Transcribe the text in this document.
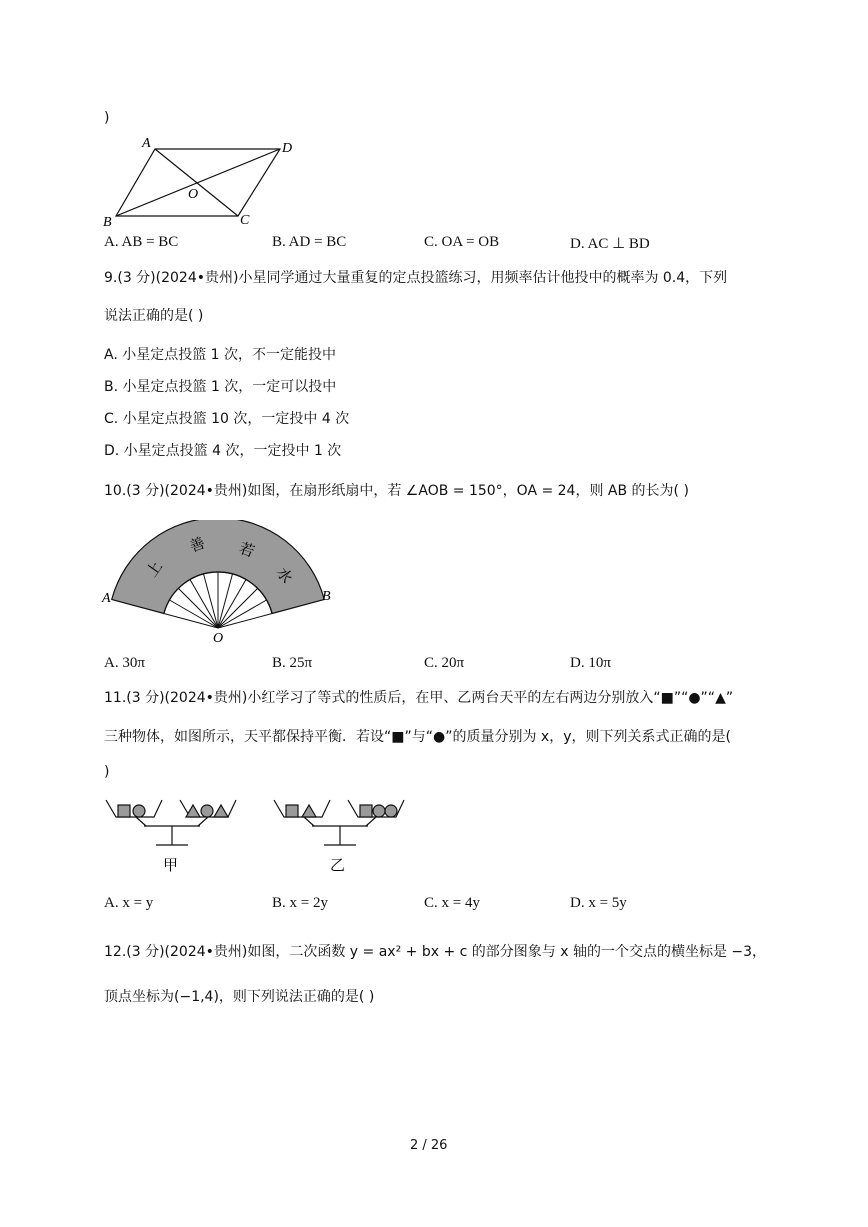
)
A	D
O
B	C
A. AB = BC	B. AD = BC	C. OA = OB	D. AC ⊥ BD
9.(3 分)(2024•贵州)小星同学通过大量重复的定点投篮练习，用频率估计他投中的概率为 0.4，下列
说法正确的是( )
A. 小星定点投篮 1 次，不一定能投中
B. 小星定点投篮 1 次，一定可以投中
C. 小星定点投篮 10 次，一定投中 4 次
D. 小星定点投篮 4 次，一定投中 1 次
10.(3 分)(2024•贵州)如图，在扇形纸扇中，若 ∠AOB = 150°，OA = 24，则 AB 的长为( )
上
善 若
水
A	B
O
A. 30π	B. 25π	C. 20π	D. 10π
11.(3 分)(2024•贵州)小红学习了等式的性质后，在甲、乙两台天平的左右两边分别放入“■”“●”“▲”
三种物体，如图所示，天平都保持平衡．若设“■”与“●”的质量分别为 x，y，则下列关系式正确的是(
)
甲	乙
A. x = y	B. x = 2y	C. x = 4y	D. x = 5y
12.(3 分)(2024•贵州)如图，二次函数 y = ax² + bx + c 的部分图象与 x 轴的一个交点的横坐标是 −3，
顶点坐标为(−1,4)，则下列说法正确的是( )
2 / 26
